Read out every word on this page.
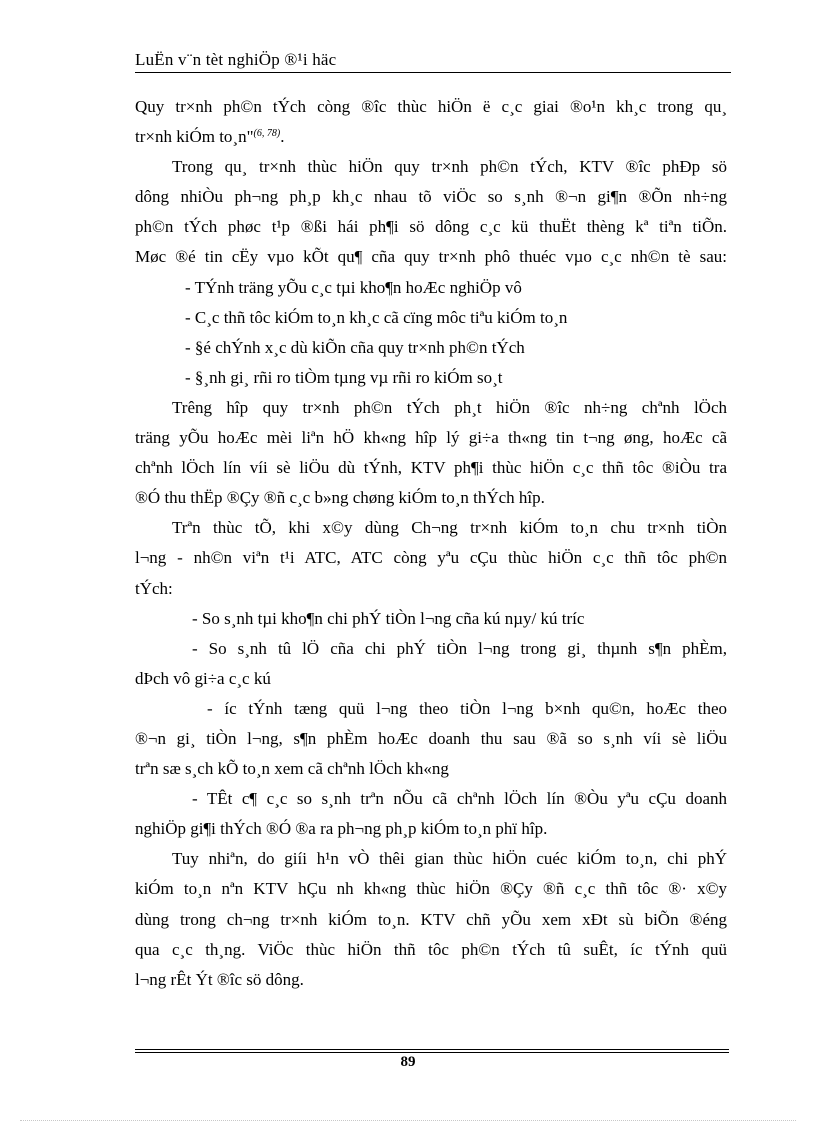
LuËn v¨n tèt nghiÖp ®¹i häc
Quy tr×nh ph©n tÝch còng ®îc thùc hiÖn ë c¸c giai ®o¹n kh¸c trong qu¸
tr×nh kiÓm to¸n"$^{(6, 78)}$.
Trong qu¸ tr×nh thùc hiÖn quy tr×nh ph©n tÝch, KTV ®îc phÐp sö
dông nhiÒu ph¬ng ph¸p kh¸c nhau tõ viÖc so s¸nh ®¬n gi¶n ®Õn nh÷ng
ph©n tÝch phøc t¹p ®ßi hái ph¶i sö dông c¸c kü thuËt thèng kª tiªn tiÕn.
Møc ®é tin cËy vµo kÕt qu¶ cña quy tr×nh phô thuéc vµo c¸c nh©n tè sau:
- TÝnh träng yÕu c¸c tµi kho¶n hoÆc nghiÖp vô
- C¸c thñ tôc kiÓm to¸n kh¸c cã cïng môc tiªu kiÓm to¸n
- §é chÝnh x¸c dù kiÕn cña quy tr×nh ph©n tÝch
- §¸nh gi¸ rñi ro tiÒm tµng vµ rñi ro kiÓm so¸t
Trêng hîp quy tr×nh ph©n tÝch ph¸t hiÖn ®îc nh÷ng chªnh lÖch
träng yÕu hoÆc mèi liªn hÖ kh«ng hîp lý gi÷a th«ng tin t¬ng øng, hoÆc cã
chªnh lÖch lín víi sè liÖu dù tÝnh, KTV ph¶i thùc hiÖn c¸c thñ tôc ®iÒu tra
®Ó thu thËp ®Çy ®ñ c¸c b»ng chøng kiÓm to¸n thÝch hîp.
Trªn thùc tÕ, khi x©y dùng Ch¬ng tr×nh kiÓm to¸n chu tr×nh tiÒn
l¬ng - nh©n viªn t¹i ATC, ATC còng yªu cÇu thùc hiÖn c¸c thñ tôc ph©n
tÝch:
- So s¸nh tµi kho¶n chi phÝ tiÒn l¬ng cña kú nµy/ kú tríc
- So s¸nh tû lÖ cña chi phÝ tiÒn l¬ng trong gi¸ thµnh s¶n phÈm,
dÞch vô gi÷a c¸c kú
- íc tÝnh tæng quü l¬ng theo tiÒn l¬ng b×nh qu©n, hoÆc theo
®¬n gi¸ tiÒn l¬ng, s¶n phÈm hoÆc doanh thu sau ®ã so s¸nh víi sè liÖu
trªn sæ s¸ch kÕ to¸n xem cã chªnh lÖch kh«ng
- TÊt c¶ c¸c so s¸nh trªn nÕu cã chªnh lÖch lín ®Òu yªu cÇu doanh
nghiÖp gi¶i thÝch ®Ó ®a ra ph¬ng ph¸p kiÓm to¸n phï hîp.
Tuy nhiªn, do giíi h¹n vÒ thêi gian thùc hiÖn cuéc kiÓm to¸n, chi phÝ
kiÓm to¸n nªn KTV hÇu nh kh«ng thùc hiÖn ®Çy ®ñ c¸c thñ tôc ®· x©y
dùng trong ch¬ng tr×nh kiÓm to¸n. KTV chñ yÕu xem xÐt sù biÕn ®éng
qua c¸c th¸ng. ViÖc thùc hiÖn thñ tôc ph©n tÝch tû suÊt, íc tÝnh quü
l¬ng rÊt Ýt ®îc sö dông.
89
